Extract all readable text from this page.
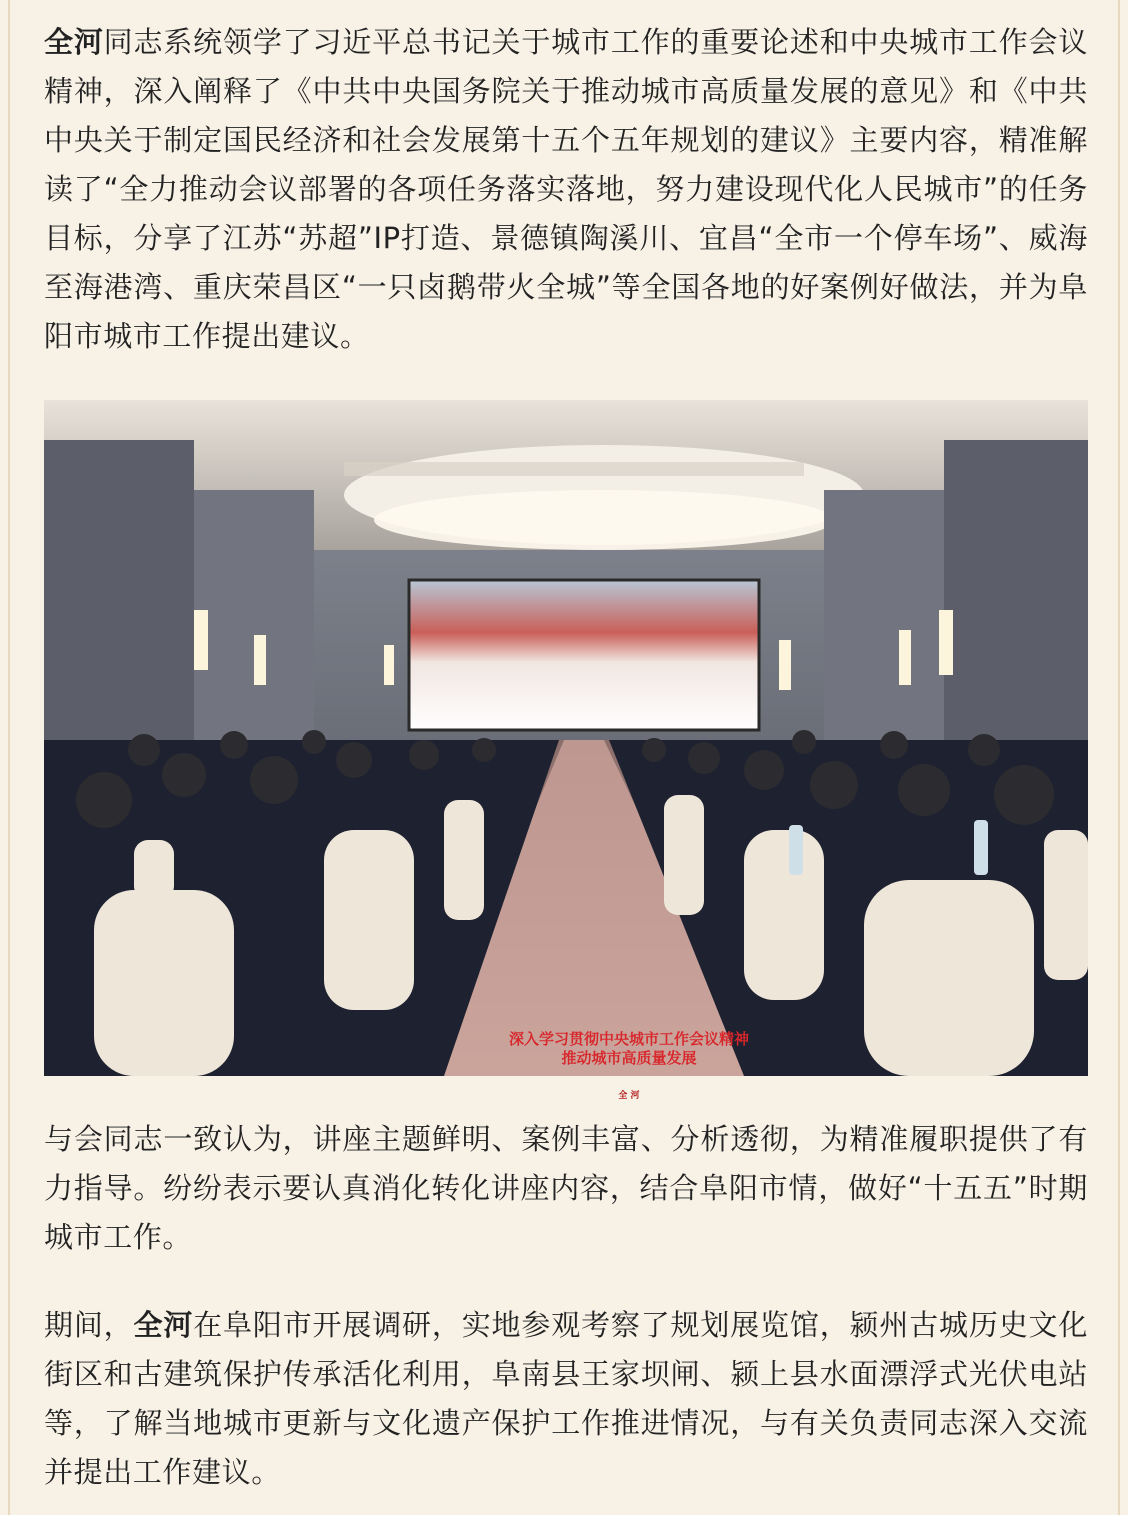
全河同志系统领学了习近平总书记关于城市工作的重要论述和中央城市工作会议精神，深入阐释了《中共中央国务院关于推动城市高质量发展的意见》和《中共中央关于制定国民经济和社会发展第十五个五年规划的建议》主要内容，精准解读了“全力推动会议部署的各项任务落实落地，努力建设现代化人民城市”的任务目标，分享了江苏“苏超”IP打造、景德镇陶溪川、宜昌“全市一个停车场”、威海至海港湾、重庆荣昌区“一只卤鹅带火全城”等全国各地的好案例好做法，并为阜阳市城市工作提出建议。

深入学习贯彻中央城市工作会议精神
推动城市高质量发展
全 河

与会同志一致认为，讲座主题鲜明、案例丰富、分析透彻，为精准履职提供了有力指导。纷纷表示要认真消化转化讲座内容，结合阜阳市情，做好“十五五”时期城市工作。

期间，全河在阜阳市开展调研，实地参观考察了规划展览馆，颍州古城历史文化街区和古建筑保护传承活化利用，阜南县王家坝闸、颍上县水面漂浮式光伏电站等，了解当地城市更新与文化遗产保护工作推进情况，与有关负责同志深入交流并提出工作建议。
